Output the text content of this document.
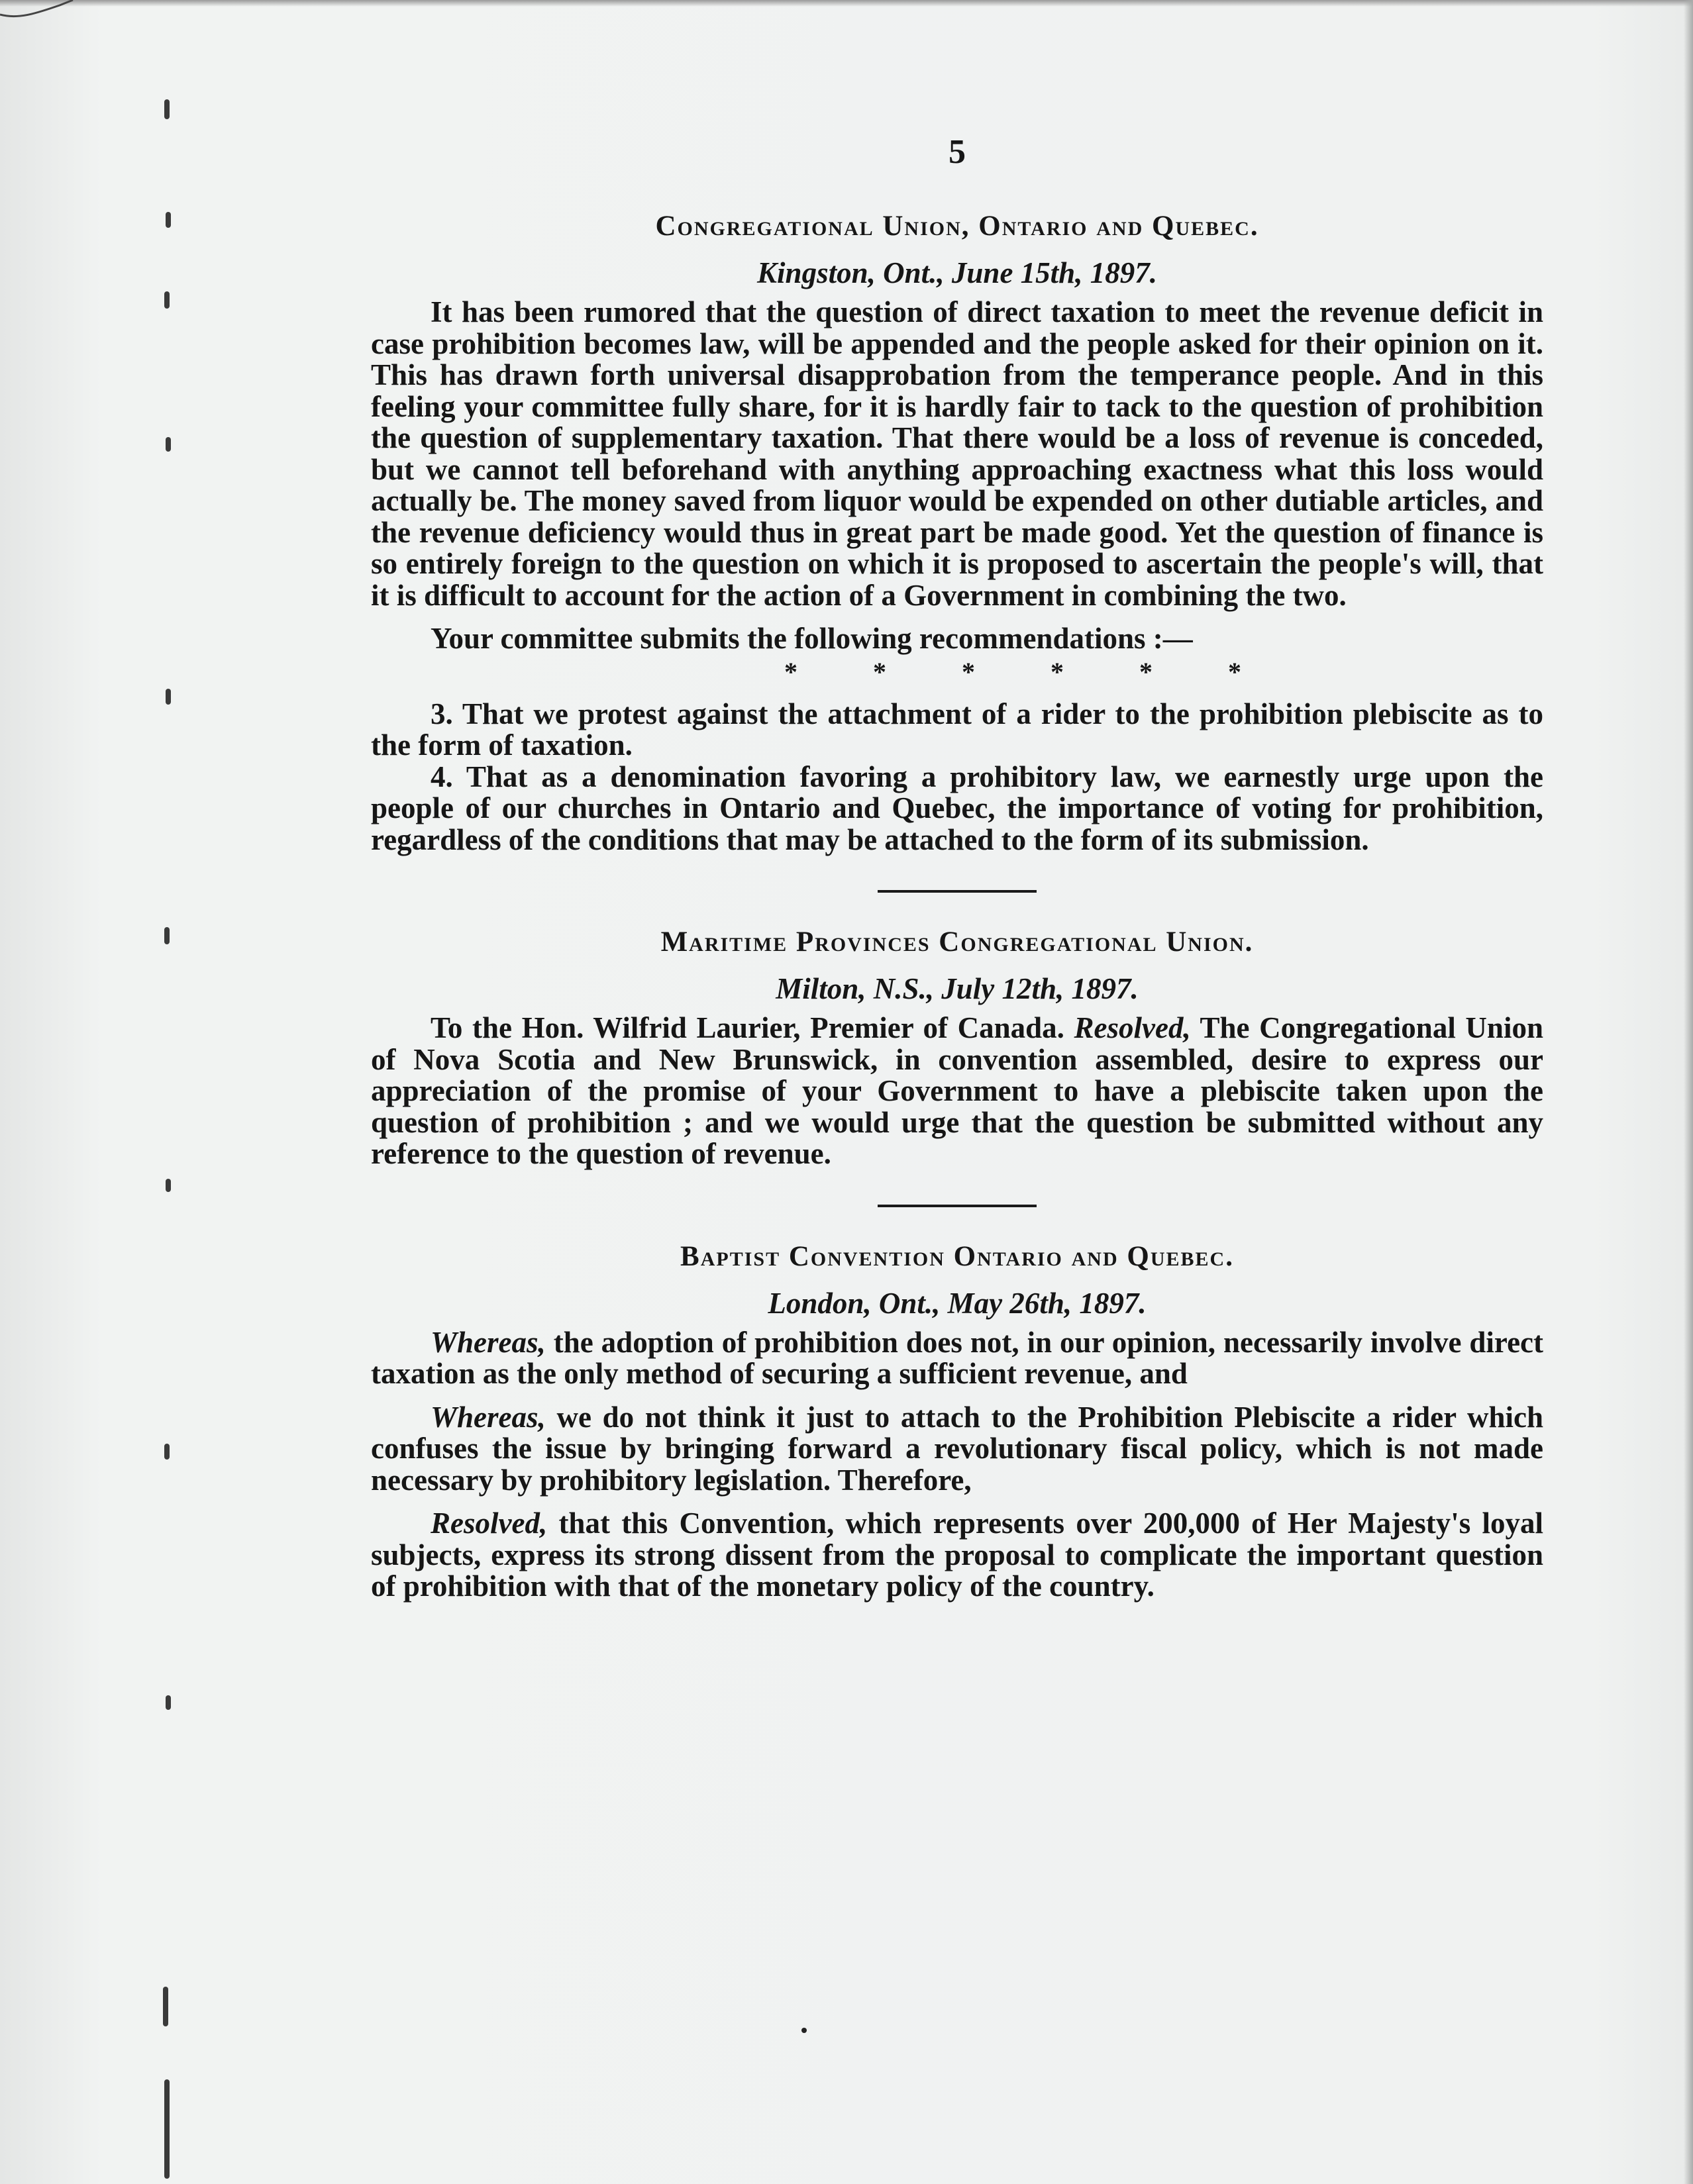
5
Congregational Union, Ontario and Quebec.
Kingston, Ont., June 15th, 1897.

It has been rumored that the question of direct taxation to meet the revenue deficit in case prohibition becomes law, will be appended and the people asked for their opinion on it. This has drawn forth universal disapprobation from the temperance people. And in this feeling your committee fully share, for it is hardly fair to tack to the question of prohibition the question of supplementary taxation. That there would be a loss of revenue is conceded, but we cannot tell beforehand with anything approaching exactness what this loss would actually be. The money saved from liquor would be expended on other dutiable articles, and the revenue deficiency would thus in great part be made good. Yet the question of finance is so entirely foreign to the question on which it is proposed to ascertain the people's will, that it is difficult to account for the action of a Government in combining the two.

Your committee submits the following recommendations :—

* * * * * *

3. That we protest against the attachment of a rider to the prohibition plebiscite as to the form of taxation.

4. That as a denomination favoring a prohibitory law, we earnestly urge upon the people of our churches in Ontario and Quebec, the importance of voting for prohibition, regardless of the conditions that may be attached to the form of its submission.

Maritime Provinces Congregational Union.
Milton, N.S., July 12th, 1897.

To the Hon. Wilfrid Laurier, Premier of Canada. Resolved, The Congregational Union of Nova Scotia and New Brunswick, in convention assembled, desire to express our appreciation of the promise of your Government to have a plebiscite taken upon the question of prohibition ; and we would urge that the question be submitted without any reference to the question of revenue.

Baptist Convention Ontario and Quebec.
London, Ont., May 26th, 1897.

Whereas, the adoption of prohibition does not, in our opinion, necessarily involve direct taxation as the only method of securing a sufficient revenue, and

Whereas, we do not think it just to attach to the Prohibition Plebiscite a rider which confuses the issue by bringing forward a revolutionary fiscal policy, which is not made necessary by prohibitory legislation. Therefore,

Resolved, that this Convention, which represents over 200,000 of Her Majesty's loyal subjects, express its strong dissent from the proposal to complicate the important question of prohibition with that of the monetary policy of the country.
